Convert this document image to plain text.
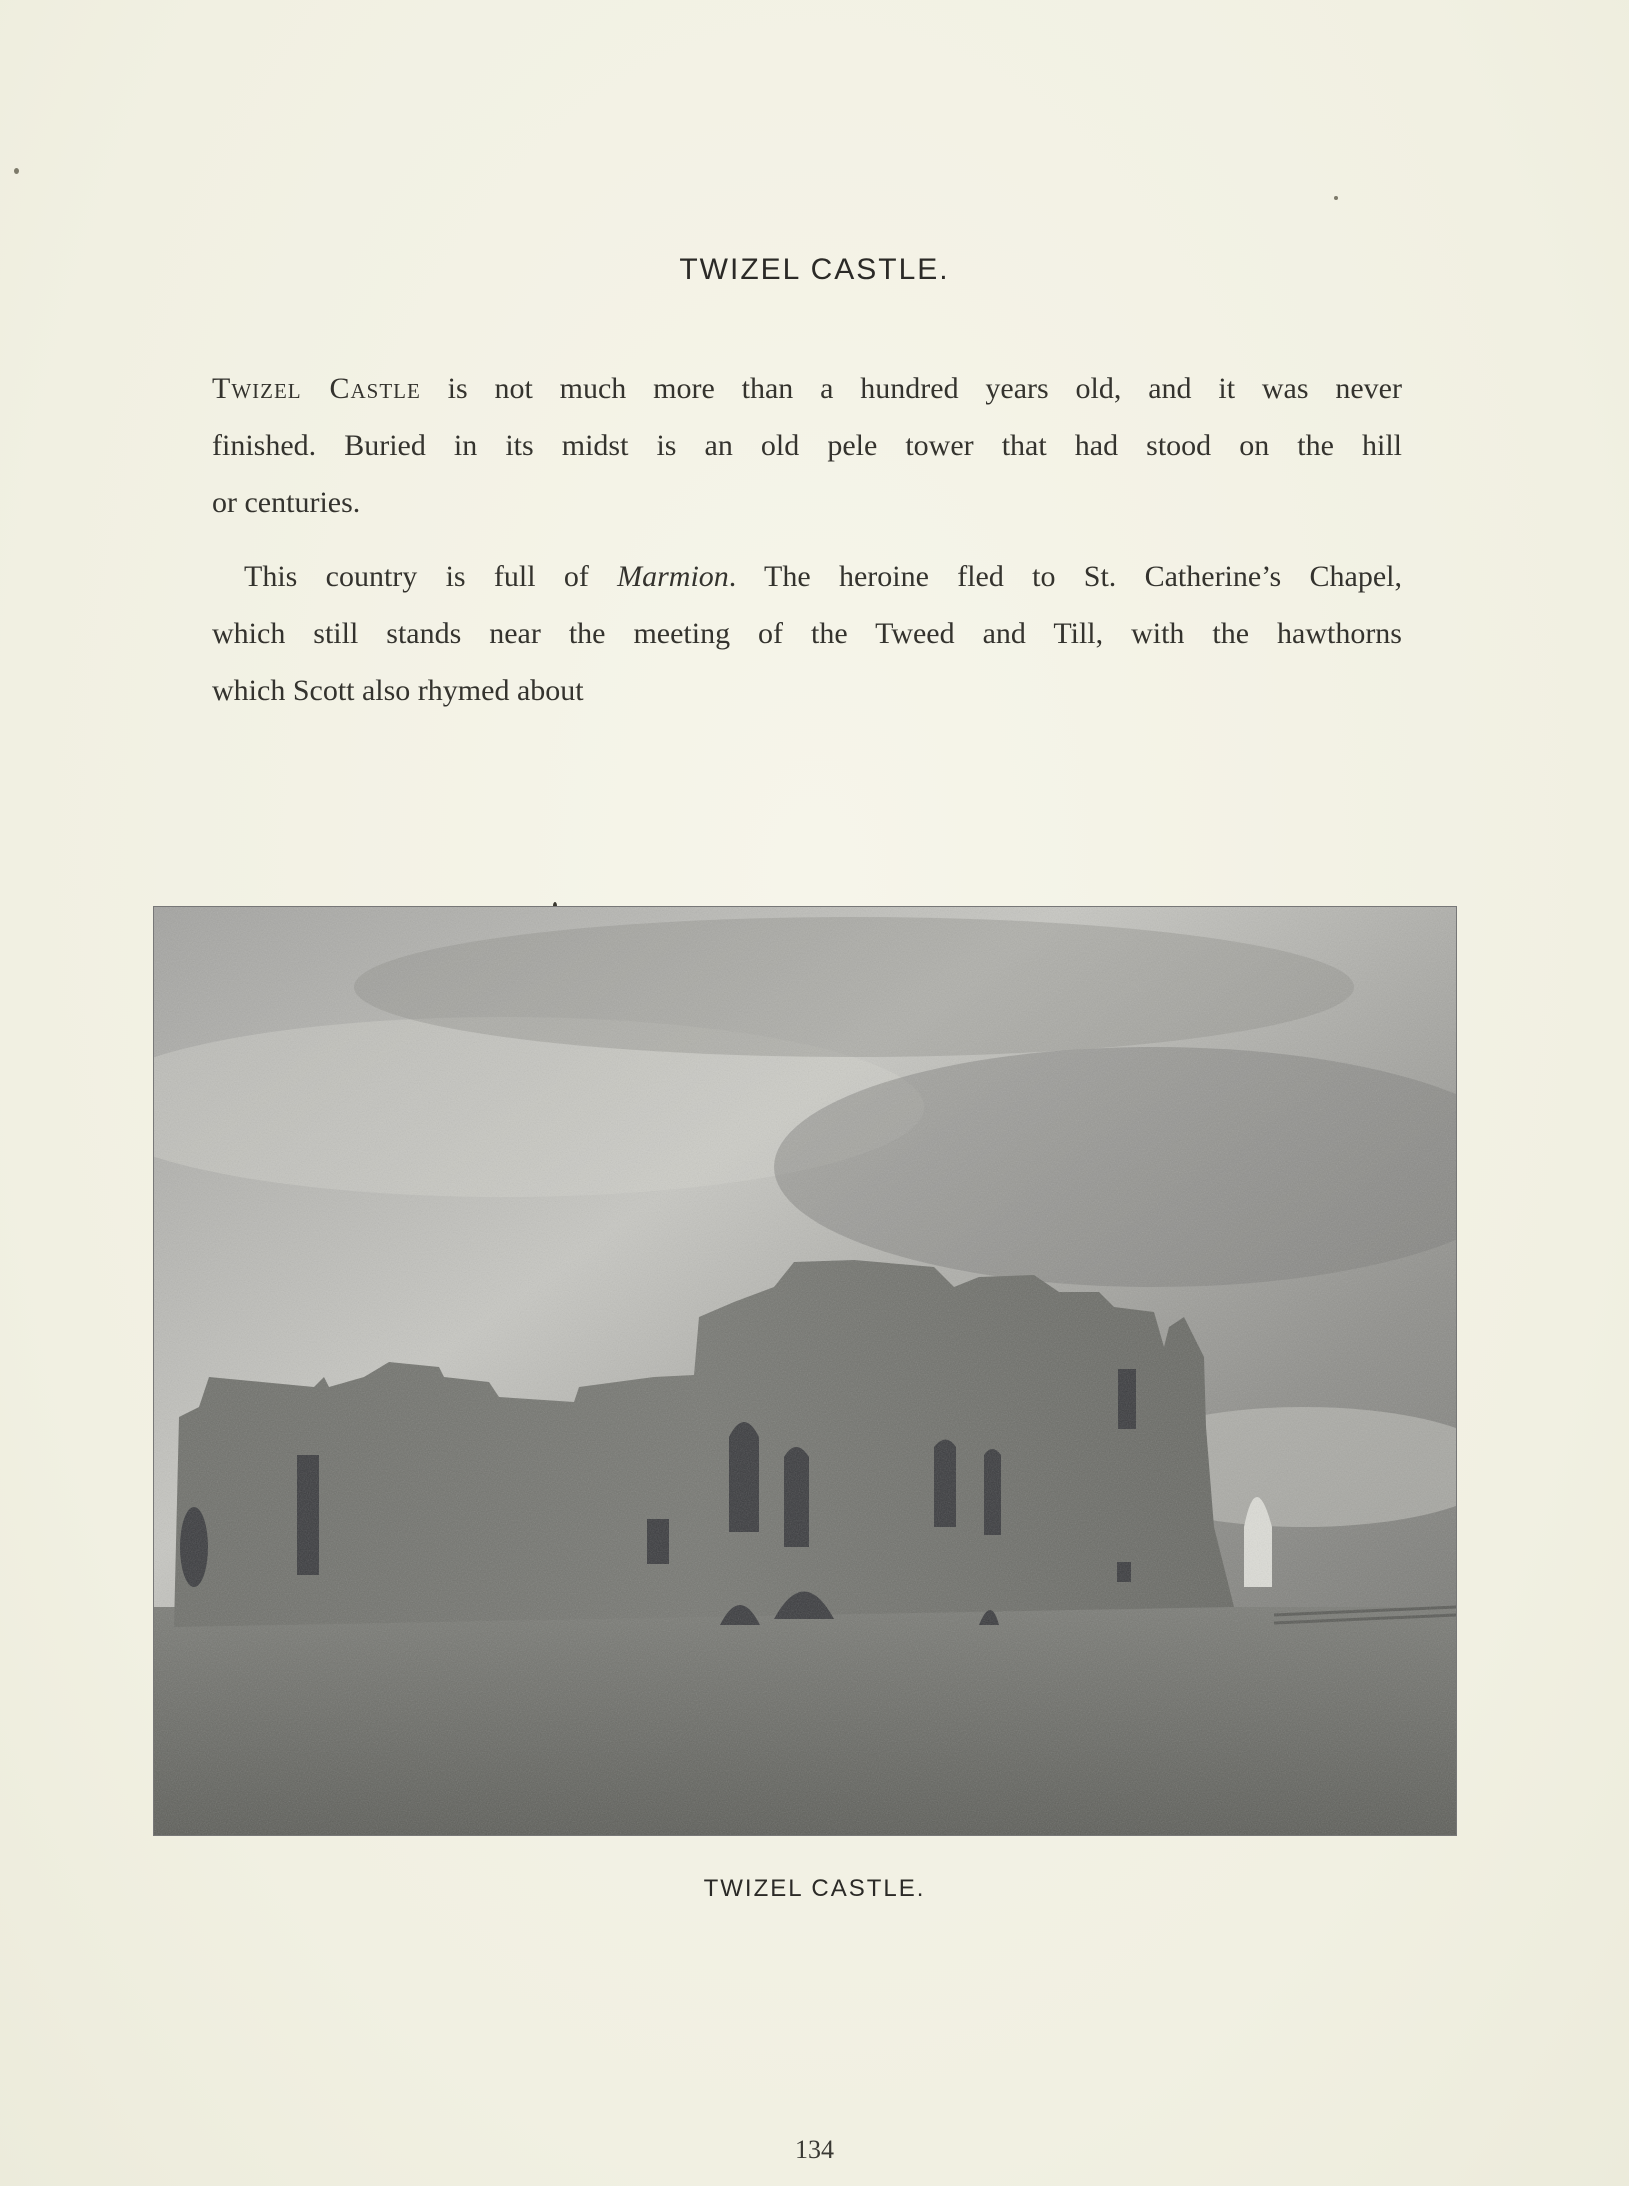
TWIZEL CASTLE.
Twizel Castle is not much more than a hundred years old, and it was never
finished. Buried in its midst is an old pele tower that had stood on the hill
or centuries.
This country is full of Marmion. The heroine fled to St. Catherine’s Chapel,
which still stands near the meeting of the Tweed and Till, with the hawthorns
which Scott also rhymed about
TWIZEL CASTLE.
134
